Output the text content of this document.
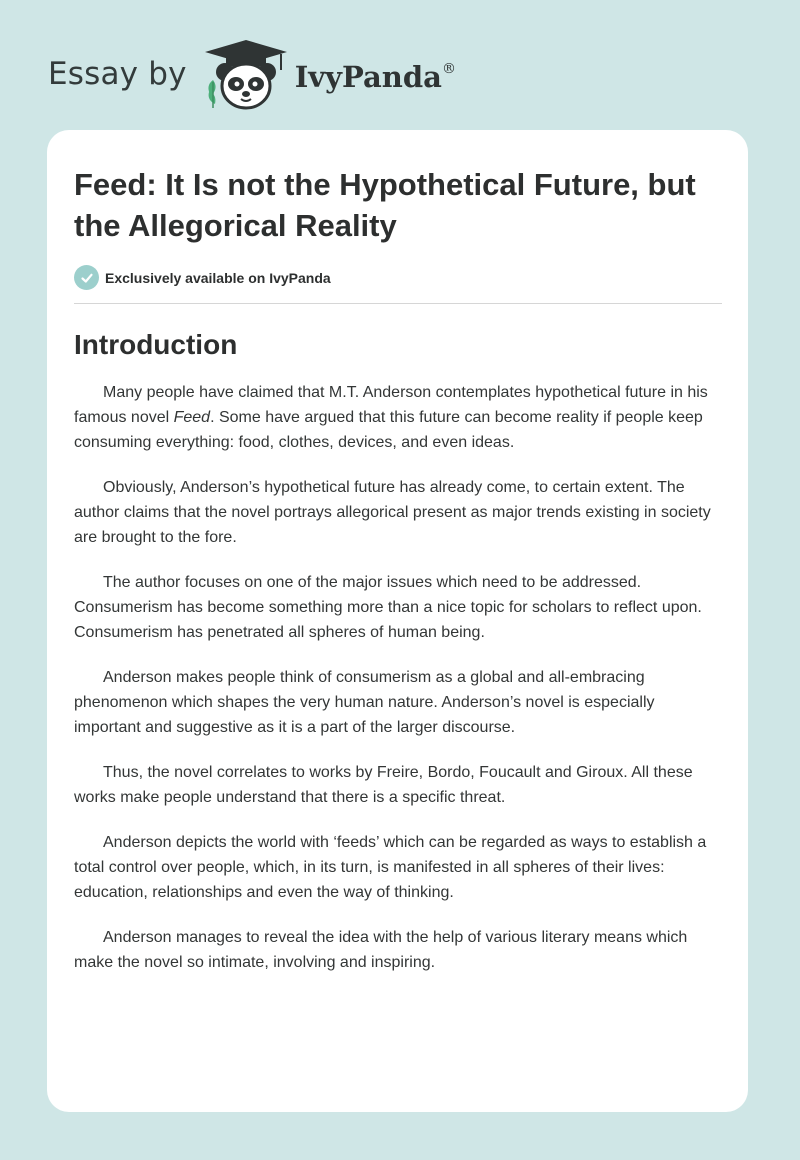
Essay by	IvyPanda®
Feed: It Is not the Hypothetical Future, but the Allegorical Reality
Exclusively available on IvyPanda
Introduction

Many people have claimed that M.T. Anderson contemplates hypothetical future in his famous novel Feed. Some have argued that this future can become reality if people keep consuming everything: food, clothes, devices, and even ideas.

Obviously, Anderson’s hypothetical future has already come, to certain extent. The author claims that the novel portrays allegorical present as major trends existing in society are brought to the fore.

The author focuses on one of the major issues which need to be addressed. Consumerism has become something more than a nice topic for scholars to reflect upon. Consumerism has penetrated all spheres of human being.

Anderson makes people think of consumerism as a global and all-embracing phenomenon which shapes the very human nature. Anderson’s novel is especially important and suggestive as it is a part of the larger discourse.

Thus, the novel correlates to works by Freire, Bordo, Foucault and Giroux. All these works make people understand that there is a specific threat.

Anderson depicts the world with ‘feeds’ which can be regarded as ways to establish a total control over people, which, in its turn, is manifested in all spheres of their lives: education, relationships and even the way of thinking.

Anderson manages to reveal the idea with the help of various literary means which make the novel so intimate, involving and inspiring.
